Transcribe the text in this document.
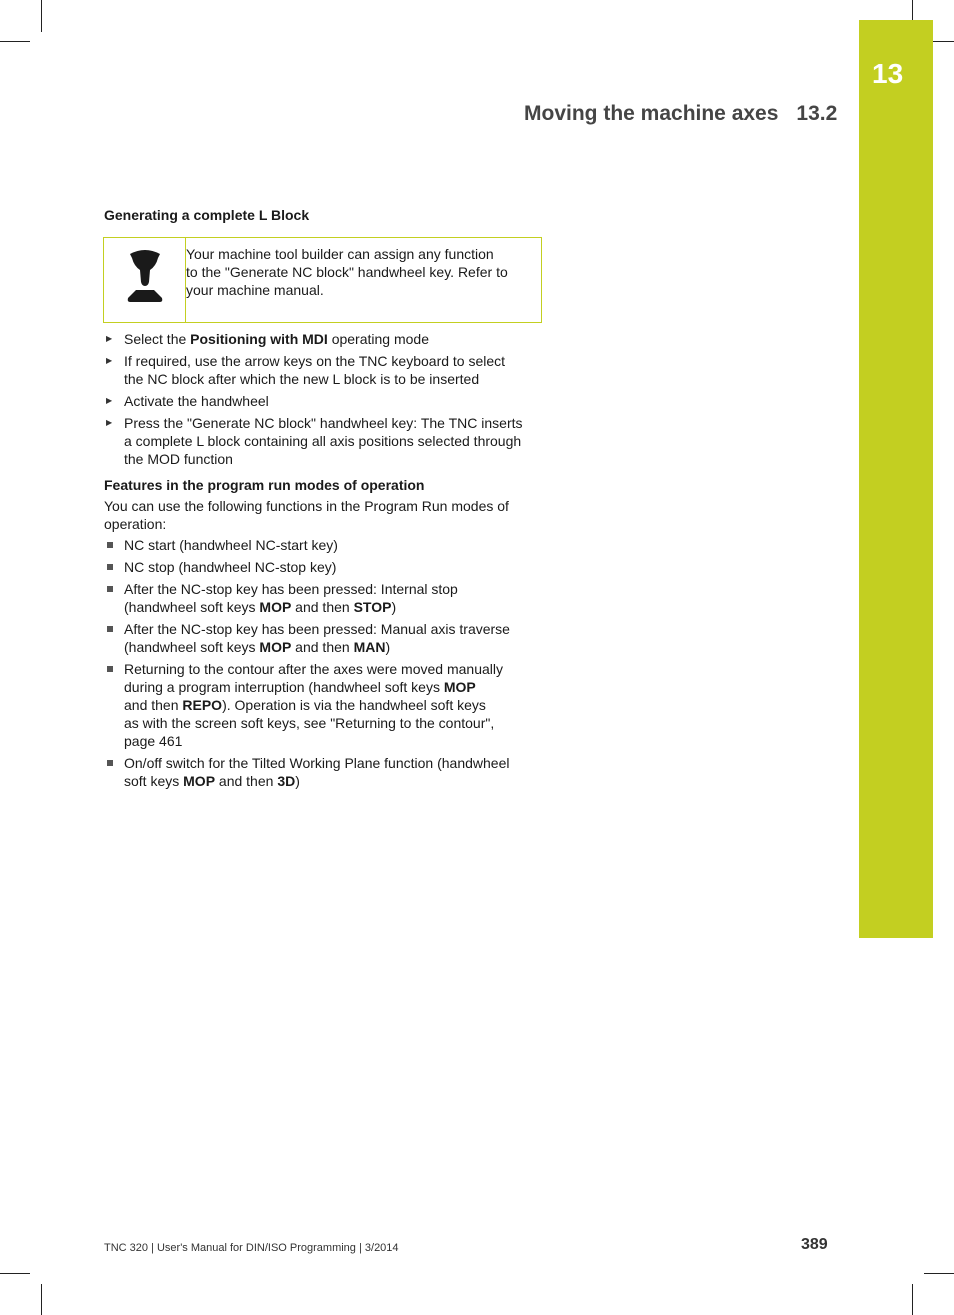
13
Moving the machine axes 13.2
Generating a complete L Block
Your machine tool builder can assign any function
to the "Generate NC block" handwheel key. Refer to
your machine manual.
▶ Select the Positioning with MDI operating mode
▶ If required, use the arrow keys on the TNC keyboard to select
the NC block after which the new L block is to be inserted
▶ Activate the handwheel
▶ Press the "Generate NC block" handwheel key: The TNC inserts
a complete L block containing all axis positions selected through
the MOD function
Features in the program run modes of operation
You can use the following functions in the Program Run modes of
operation:
NC start (handwheel NC-start key)
NC stop (handwheel NC-stop key)
After the NC-stop key has been pressed: Internal stop
(handwheel soft keys MOP and then STOP)
After the NC-stop key has been pressed: Manual axis traverse
(handwheel soft keys MOP and then MAN)
Returning to the contour after the axes were moved manually
during a program interruption (handwheel soft keys MOP
and then REPO). Operation is via the handwheel soft keys
as with the screen soft keys, see "Returning to the contour",
page 461
On/off switch for the Tilted Working Plane function (handwheel
soft keys MOP and then 3D)
TNC 320 | User's Manual for DIN/ISO Programming | 3/2014	389
